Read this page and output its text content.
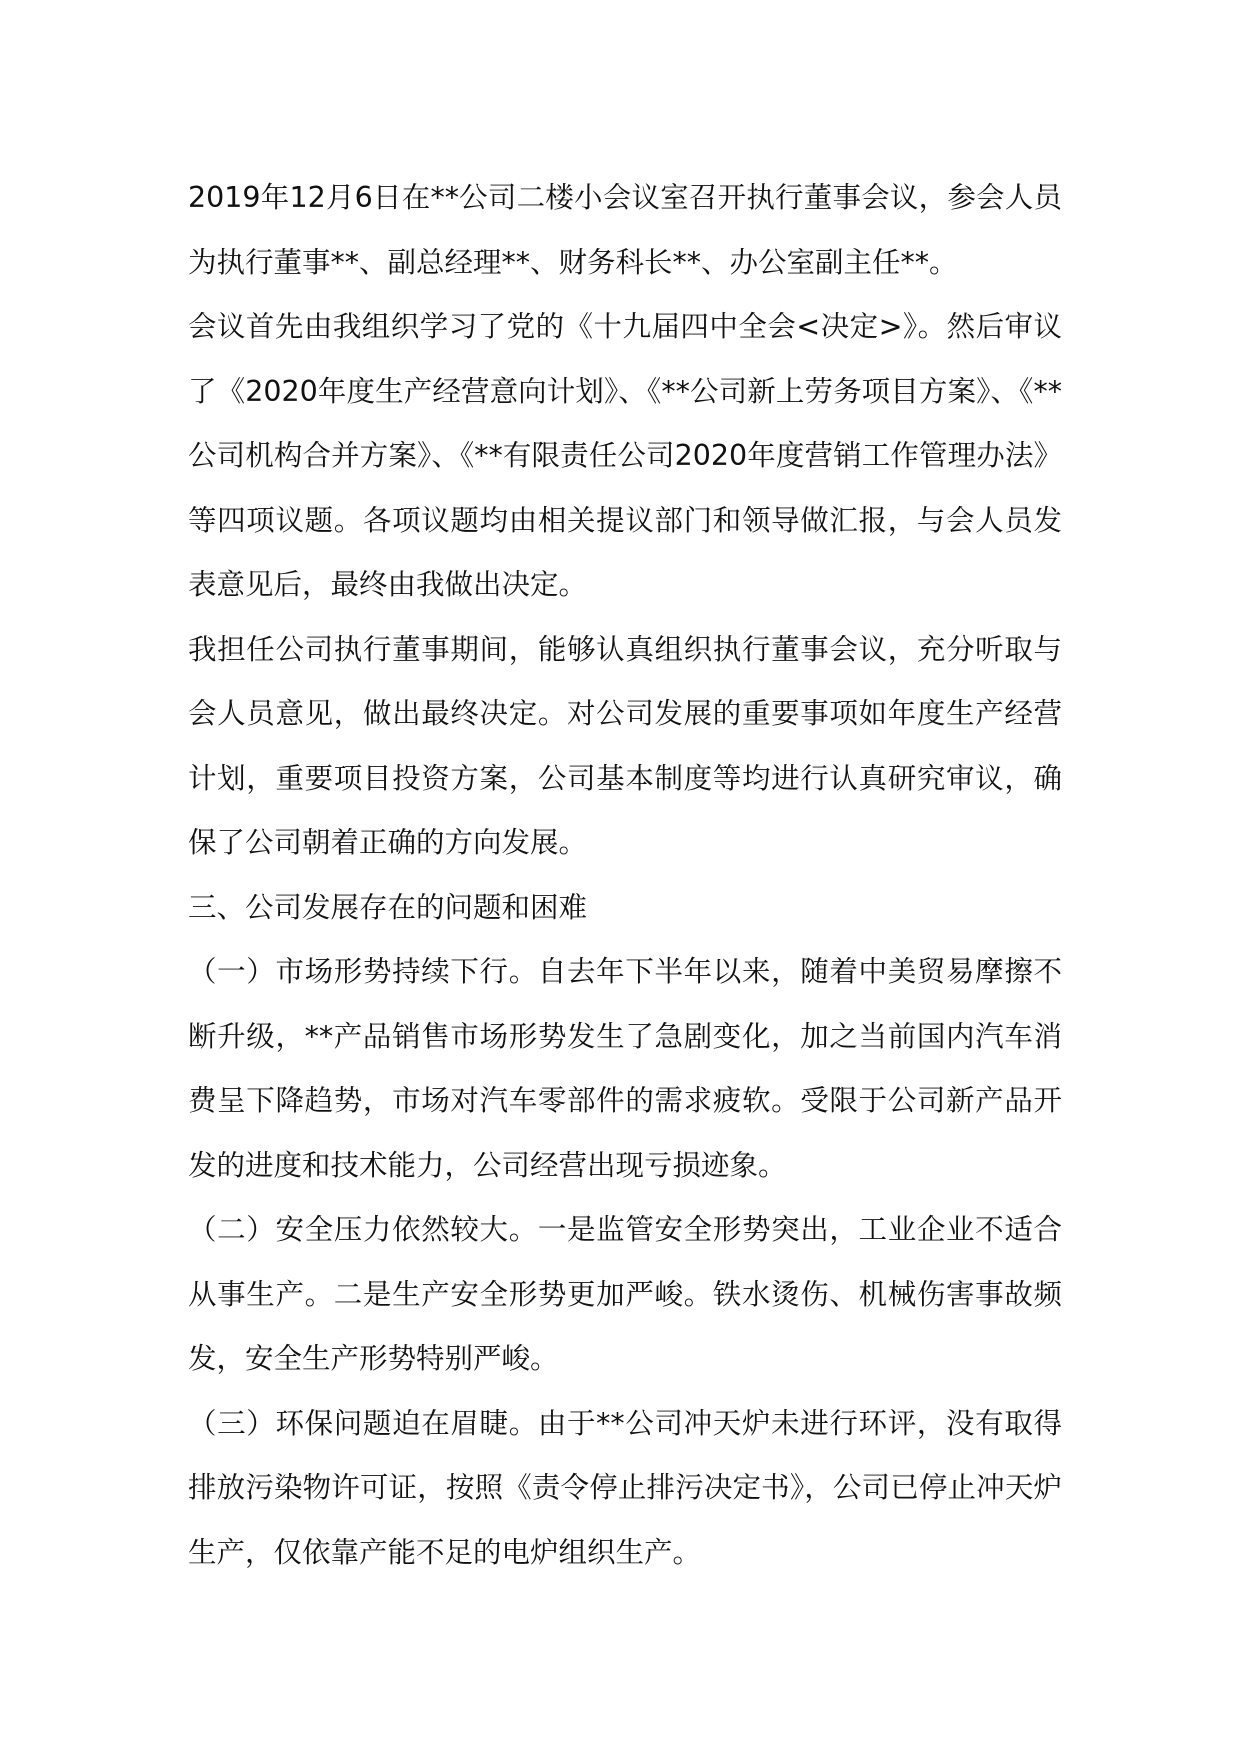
2019年12月6日在**公司二楼小会议室召开执行董事会议，参会人员为执行董事**、副总经理**、财务科长**、办公室副主任**。

会议首先由我组织学习了党的《十九届四中全会<决定>》。然后审议了《2020年度生产经营意向计划》、《**公司新上劳务项目方案》、《**公司机构合并方案》、《**有限责任公司2020年度营销工作管理办法》等四项议题。各项议题均由相关提议部门和领导做汇报，与会人员发表意见后，最终由我做出决定。

我担任公司执行董事期间，能够认真组织执行董事会议，充分听取与会人员意见，做出最终决定。对公司发展的重要事项如年度生产经营计划，重要项目投资方案，公司基本制度等均进行认真研究审议，确保了公司朝着正确的方向发展。

三、公司发展存在的问题和困难

（一）市场形势持续下行。自去年下半年以来，随着中美贸易摩擦不断升级，**产品销售市场形势发生了急剧变化，加之当前国内汽车消费呈下降趋势，市场对汽车零部件的需求疲软。受限于公司新产品开发的进度和技术能力，公司经营出现亏损迹象。

（二）安全压力依然较大。一是监管安全形势突出，工业企业不适合从事生产。二是生产安全形势更加严峻。铁水烫伤、机械伤害事故频发，安全生产形势特别严峻。

（三）环保问题迫在眉睫。由于**公司冲天炉未进行环评，没有取得排放污染物许可证，按照《责令停止排污决定书》，公司已停止冲天炉生产，仅依靠产能不足的电炉组织生产。
